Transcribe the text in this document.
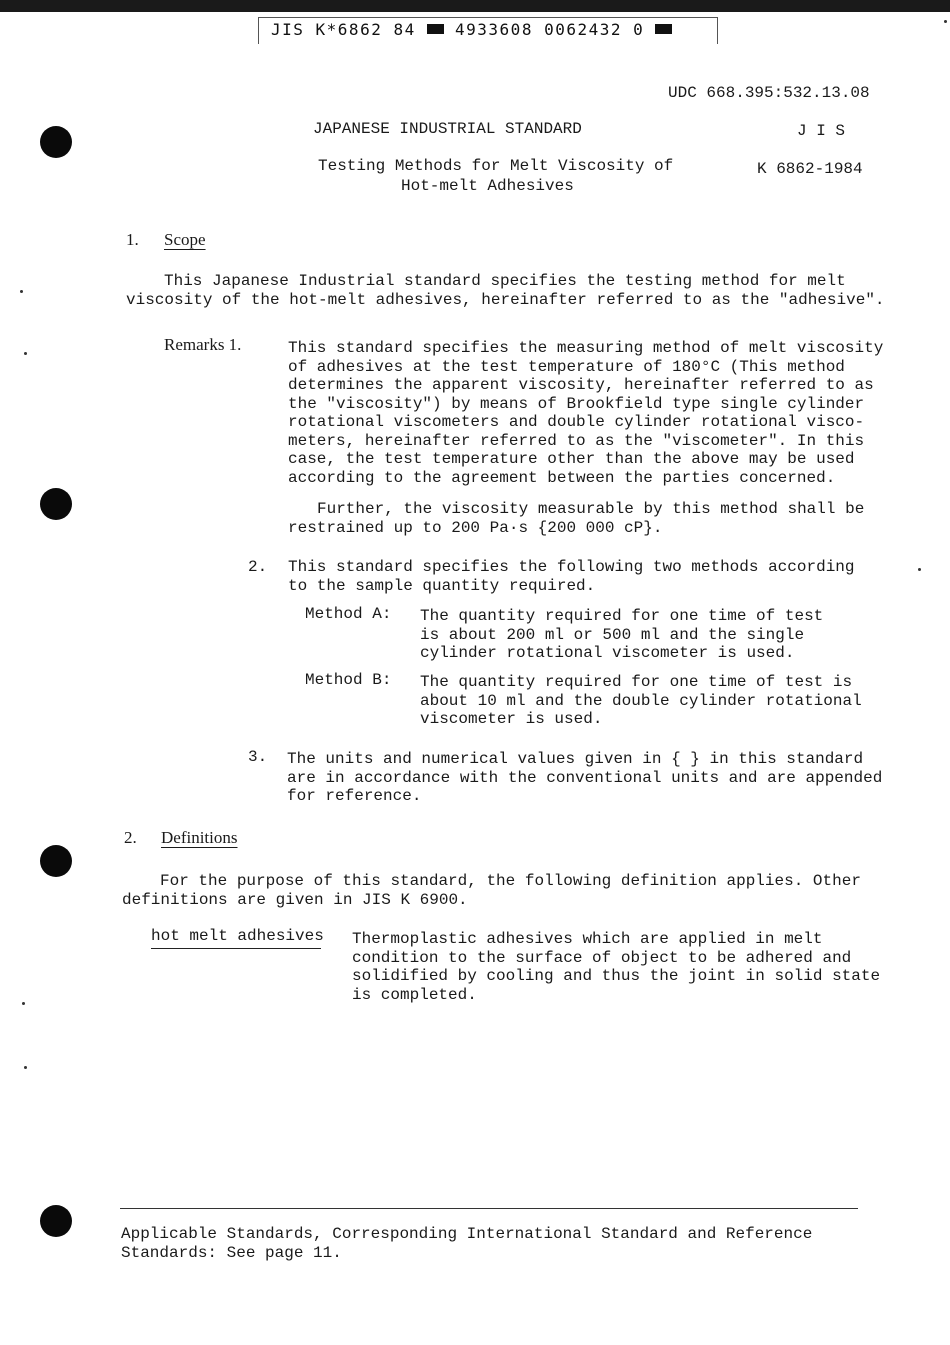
JIS K*6862 84 4933608 0062432 0
UDC 668.395:532.13.08
JAPANESE INDUSTRIAL STANDARD	J I S
Testing Methods for Melt Viscosity of
Hot-melt Adhesives
K 6862-1984
1. Scope
This Japanese Industrial standard specifies the testing method for melt
viscosity of the hot-melt adhesives, hereinafter referred to as the "adhesive".
Remarks 1.	This standard specifies the measuring method of melt viscosity
of adhesives at the test temperature of 180°C (This method
determines the apparent viscosity, hereinafter referred to as
the "viscosity") by means of Brookfield type single cylinder
rotational viscometers and double cylinder rotational visco-
meters, hereinafter referred to as the "viscometer". In this
case, the test temperature other than the above may be used
according to the agreement between the parties concerned.
Further, the viscosity measurable by this method shall be
restrained up to 200 Pa·s {200 000 cP}.
2. This standard specifies the following two methods according
to the sample quantity required.
Method A: The quantity required for one time of test
is about 200 ml or 500 ml and the single
cylinder rotational viscometer is used.
Method B: The quantity required for one time of test is
about 10 ml and the double cylinder rotational
viscometer is used.
3. The units and numerical values given in { } in this standard
are in accordance with the conventional units and are appended
for reference.
2. Definitions
For the purpose of this standard, the following definition applies. Other
definitions are given in JIS K 6900.
hot melt adhesives Thermoplastic adhesives which are applied in melt
condition to the surface of object to be adhered and
solidified by cooling and thus the joint in solid state
is completed.
Applicable Standards, Corresponding International Standard and Reference
Standards: See page 11.
